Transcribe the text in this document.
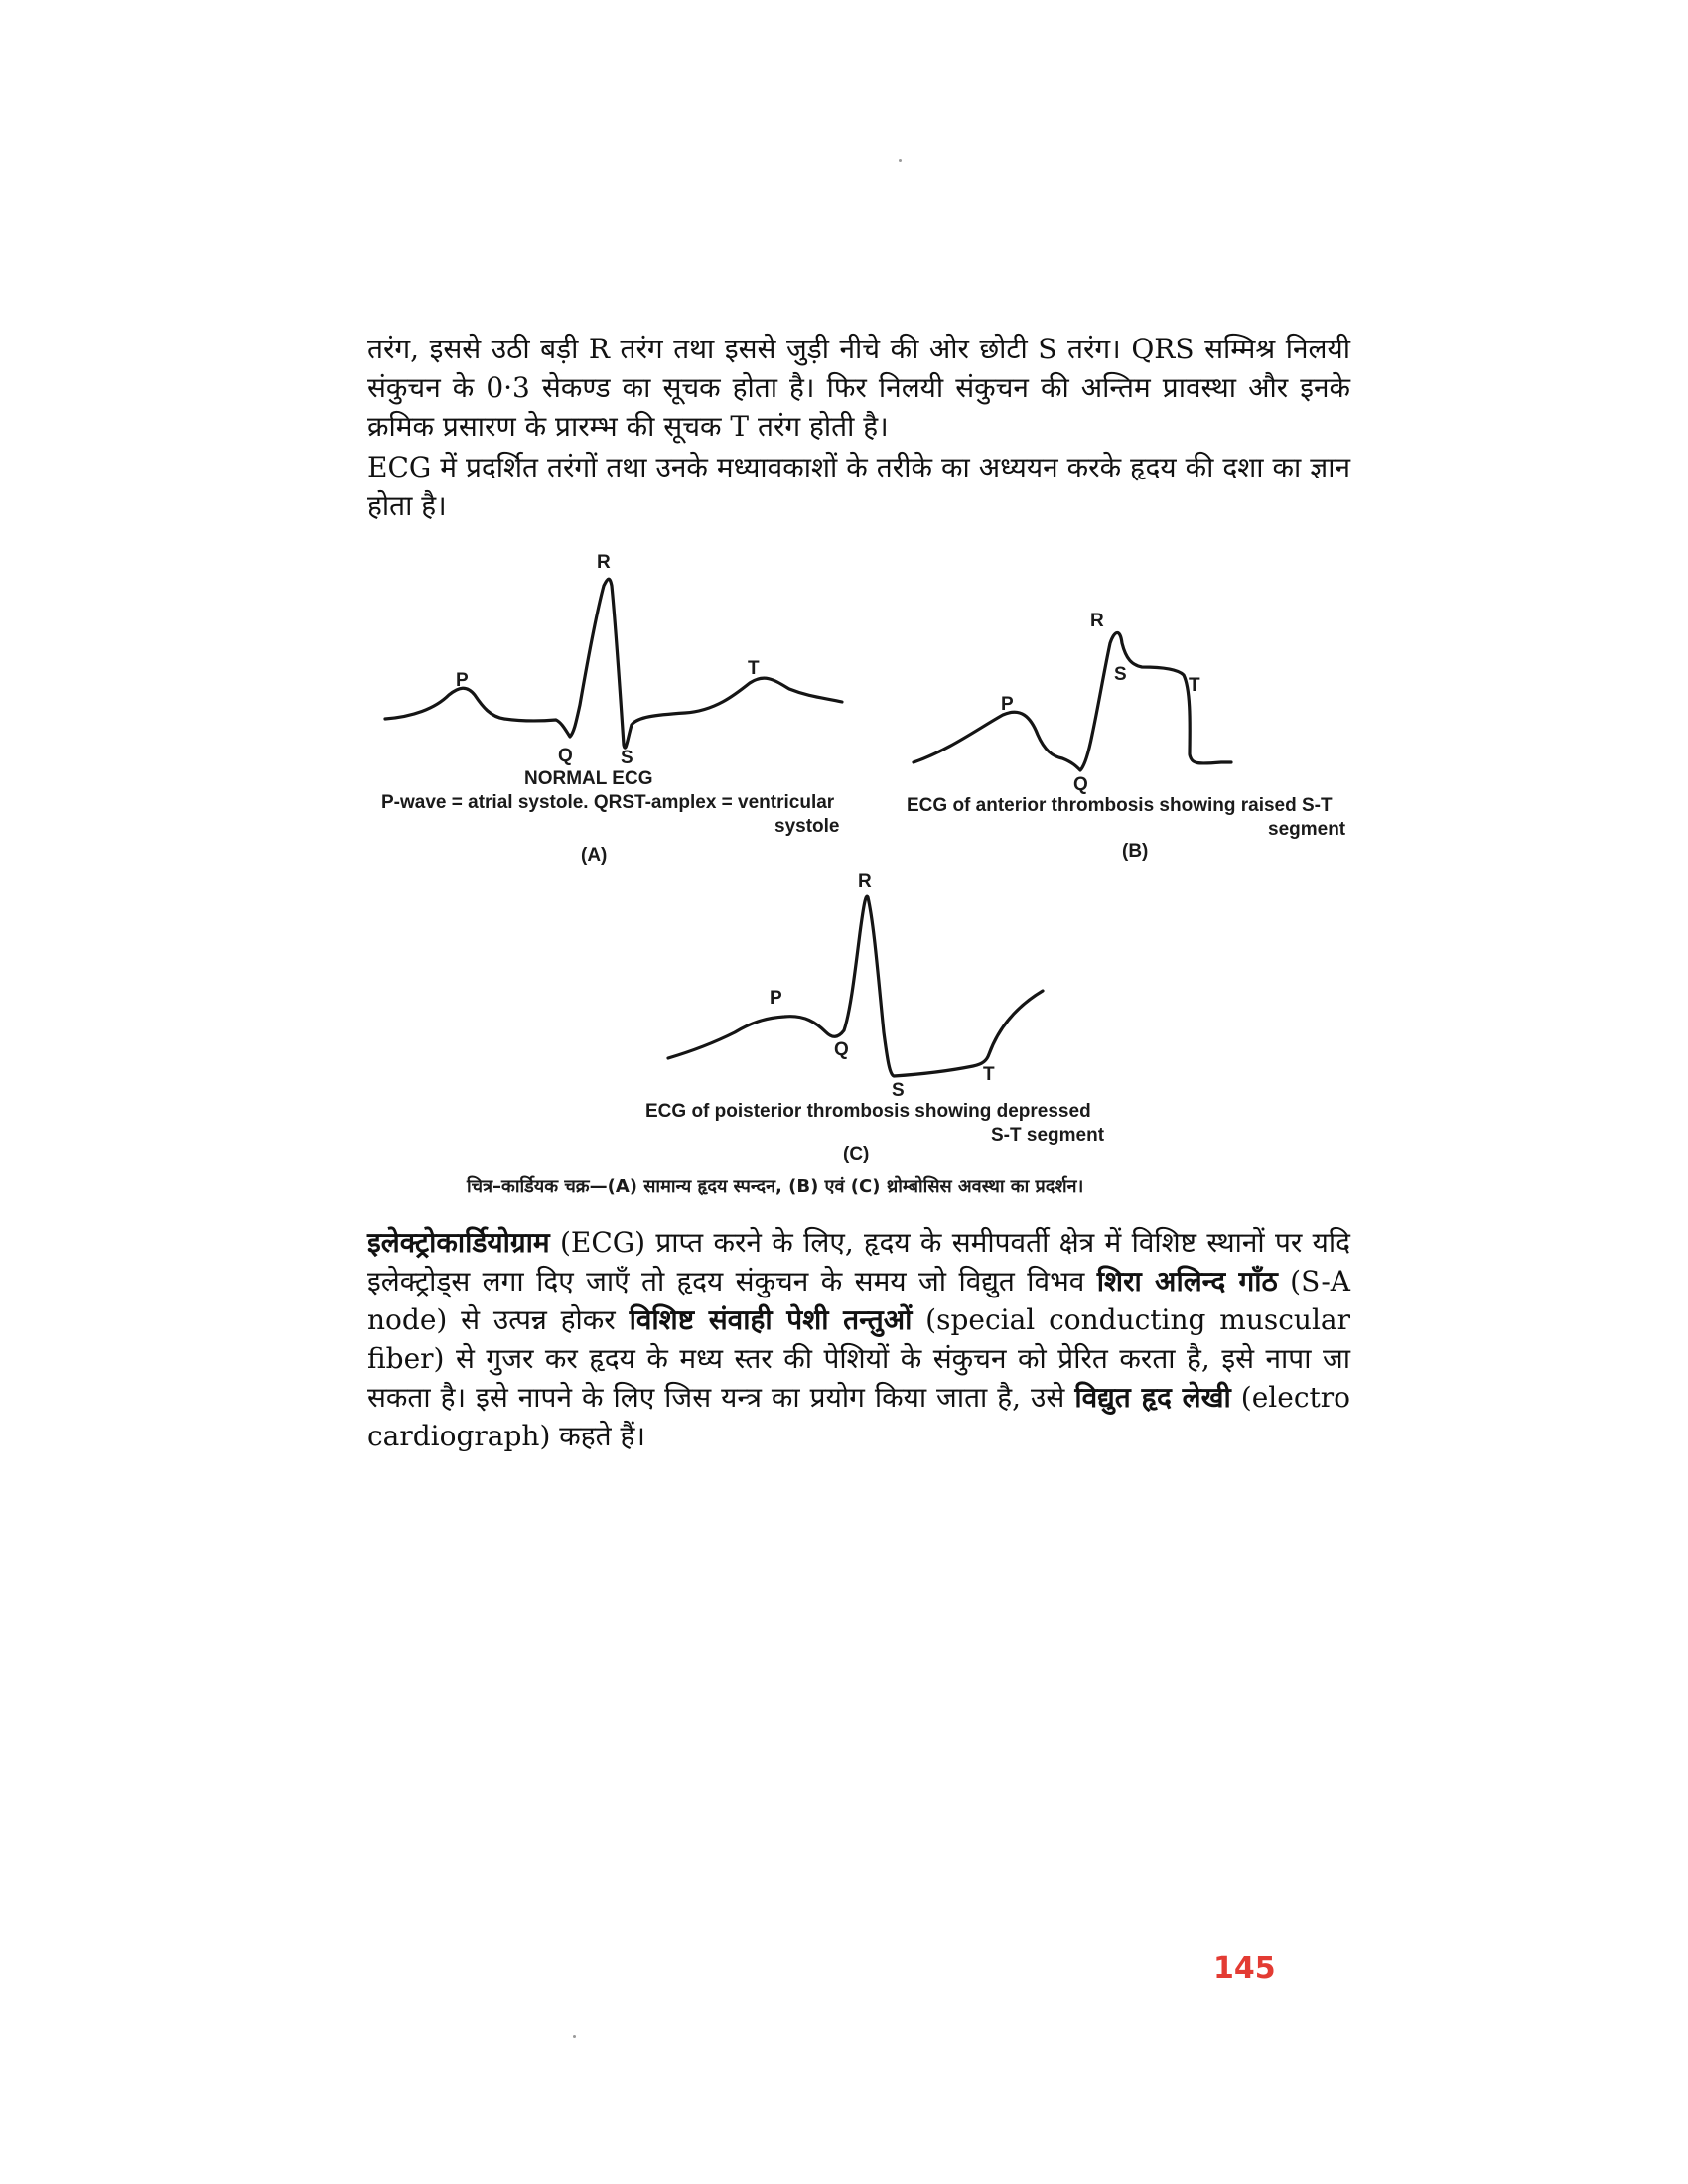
तरंग, इससे उठी बड़ी R तरंग तथा इससे जुड़ी नीचे की ओर छोटी S तरंग। QRS सम्मिश्र निलयी संकुचन के 0·3 सेकण्ड का सूचक होता है। फिर निलयी संकुचन की अन्तिम प्रावस्था और इनके क्रमिक प्रसारण के प्रारम्भ की सूचक T तरंग होती है।

ECG में प्रदर्शित तरंगों तथा उनके मध्यावकाशों के तरीके का अध्ययन करके हृदय की दशा का ज्ञान होता है।

R
P
T
Q	S
NORMAL ECG
P-wave = atrial systole. QRST-amplex = ventricular
systole
(A)
R
S
T
P
Q
ECG of anterior thrombosis showing raised S-T
segment
(B)
R
P
Q
T
S
ECG of poisterior thrombosis showing depressed
S-T segment
(C)
चित्र–कार्डियक चक्र—(A) सामान्य हृदय स्पन्दन, (B) एवं (C) थ्रोम्बोसिस अवस्था का प्रदर्शन।

इलेक्ट्रोकार्डियोग्राम (ECG) प्राप्त करने के लिए, हृदय के समीपवर्ती क्षेत्र में विशिष्ट स्थानों पर यदि इलेक्ट्रोड्स लगा दिए जाएँ तो हृदय संकुचन के समय जो विद्युत विभव शिरा अलिन्द गाँठ (S-A node) से उत्पन्न होकर विशिष्ट संवाही पेशी तन्तुओं (special conducting muscular fiber) से गुजर कर हृदय के मध्य स्तर की पेशियों के संकुचन को प्रेरित करता है, इसे नापा जा सकता है। इसे नापने के लिए जिस यन्त्र का प्रयोग किया जाता है, उसे विद्युत हृद लेखी (electro cardiograph) कहते हैं।

145
